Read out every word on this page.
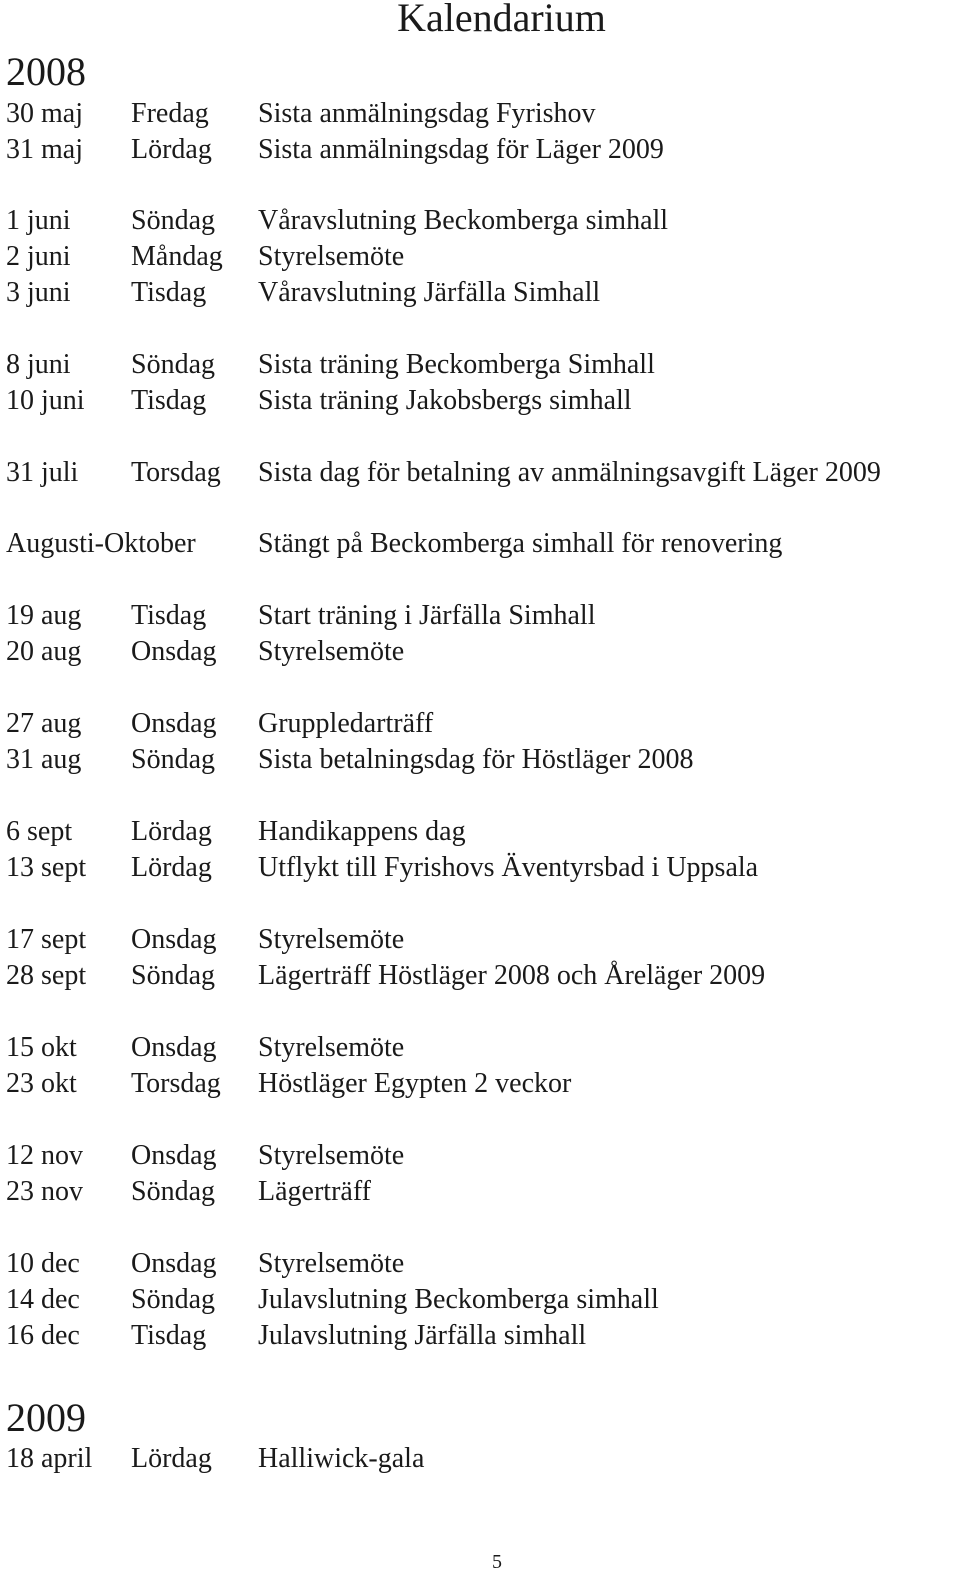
Kalendarium
2008
30 maj Fredag Sista anmälningsdag Fyrishov
31 maj Lördag Sista anmälningsdag för Läger 2009
1 juni Söndag Våravslutning Beckomberga simhall
2 juni Måndag Styrelsemöte
3 juni Tisdag Våravslutning Järfälla Simhall
8 juni Söndag Sista träning Beckomberga Simhall
10 juni Tisdag Sista träning Jakobsbergs simhall
31 juli Torsdag Sista dag för betalning av anmälningsavgift Läger 2009
Augusti-Oktober Stängt på Beckomberga simhall för renovering
19 aug Tisdag Start träning i Järfälla Simhall
20 aug Onsdag Styrelsemöte
27 aug Onsdag Gruppledarträff
31 aug Söndag Sista betalningsdag för Höstläger 2008
6 sept Lördag Handikappens dag
13 sept Lördag Utflykt till Fyrishovs Äventyrsbad i Uppsala
17 sept Onsdag Styrelsemöte
28 sept Söndag Lägerträff Höstläger 2008 och Åreläger 2009
15 okt Onsdag Styrelsemöte
23 okt Torsdag Höstläger Egypten 2 veckor
12 nov Onsdag Styrelsemöte
23 nov Söndag Lägerträff
10 dec Onsdag Styrelsemöte
14 dec Söndag Julavslutning Beckomberga simhall
16 dec Tisdag Julavslutning Järfälla simhall
2009
18 april Lördag Halliwick-gala
5
